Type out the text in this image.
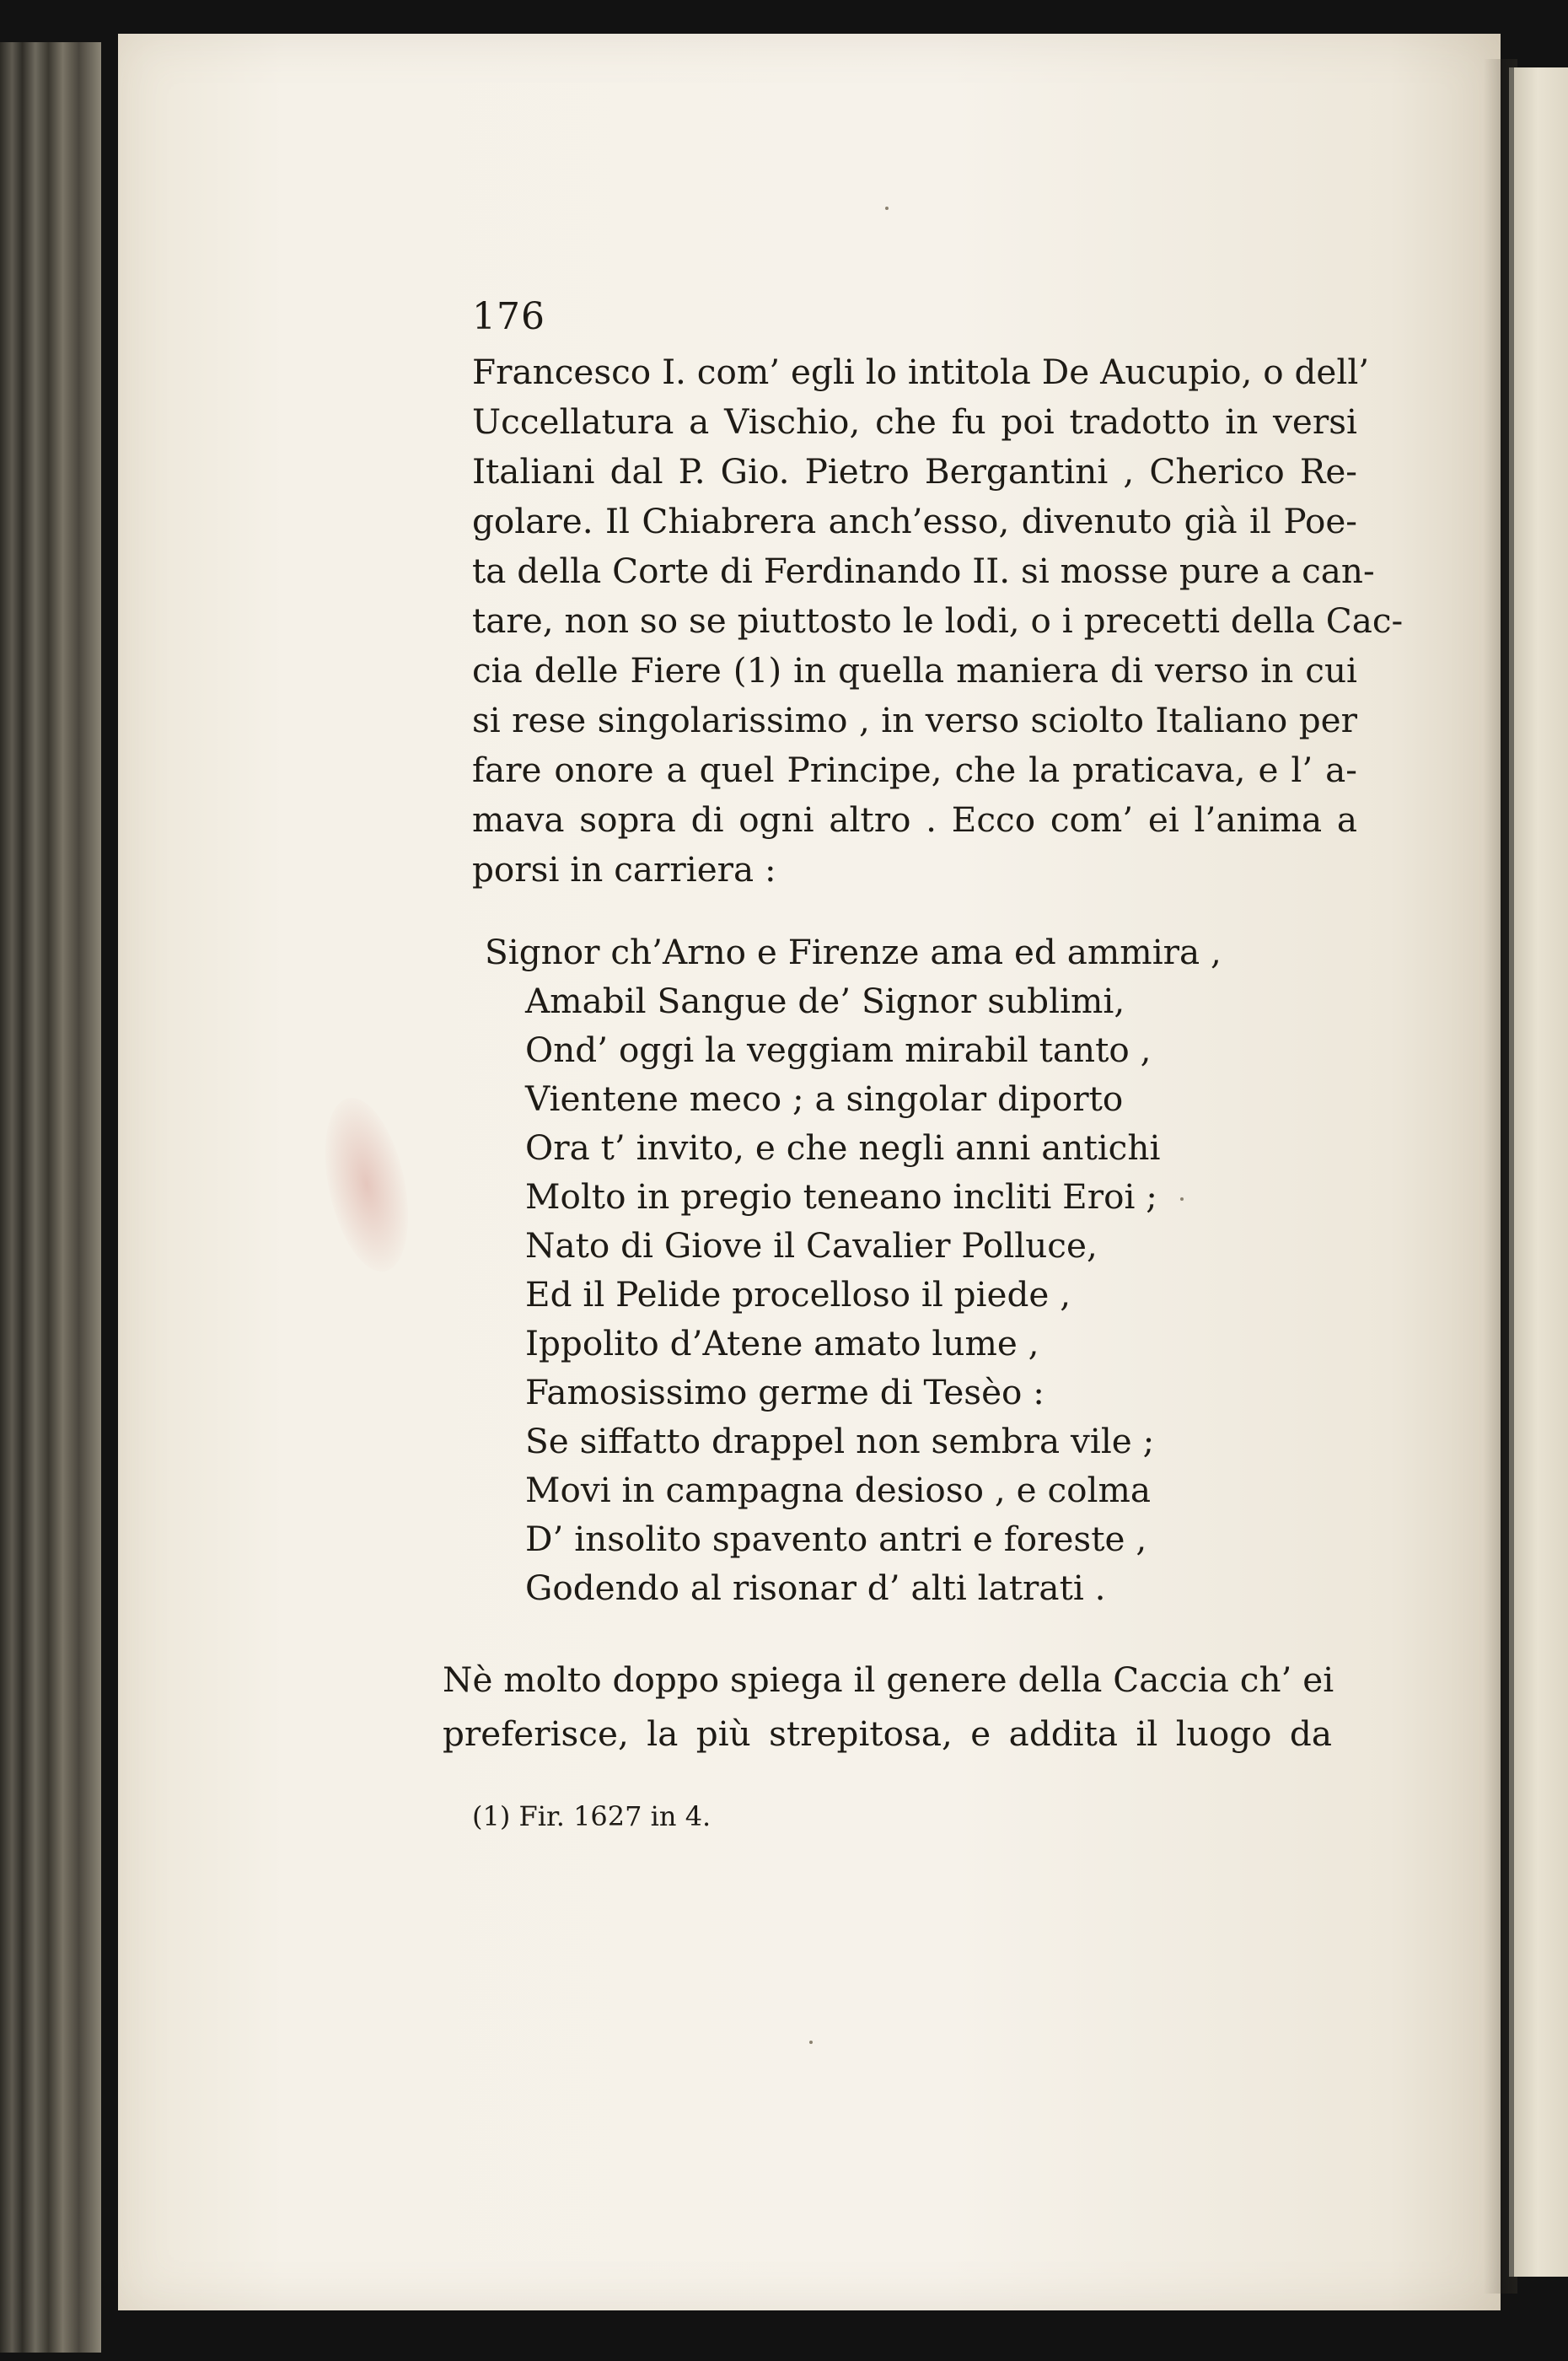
176
Francesco I. com’ egli lo intitola De Aucupio, o dell’
Uccellatura a Vischio, che fu poi tradotto in versi
Italiani dal P. Gio. Pietro Bergantini , Cherico Re-
golare. Il Chiabrera anch’esso, divenuto già il Poe-
ta della Corte di Ferdinando II. si mosse pure a can-
tare, non so se piuttosto le lodi, o i precetti della Cac-
cia delle Fiere (1) in quella maniera di verso in cui
si rese singolarissimo , in verso sciolto Italiano per
fare onore a quel Principe, che la praticava, e l’ a-
mava sopra di ogni altro . Ecco com’ ei l’anima a
porsi in carriera :
Signor ch’Arno e Firenze ama ed ammira ,
Amabil Sangue de’ Signor sublimi,
Ond’ oggi la veggiam mirabil tanto ,
Vientene meco ; a singolar diporto
Ora t’ invito, e che negli anni antichi
Molto in pregio teneano incliti Eroi ;
Nato di Giove il Cavalier Polluce,
Ed il Pelide procelloso il piede ,
Ippolito d’Atene amato lume ,
Famosissimo germe di Tesèo :
Se siffatto drappel non sembra vile ;
Movi in campagna desioso , e colma
D’ insolito spavento antri e foreste ,
Godendo al risonar d’ alti latrati .
Nè molto doppo spiega il genere della Caccia ch’ ei
preferisce, la più strepitosa, e addita il luogo da
(1) Fir. 1627 in 4.
